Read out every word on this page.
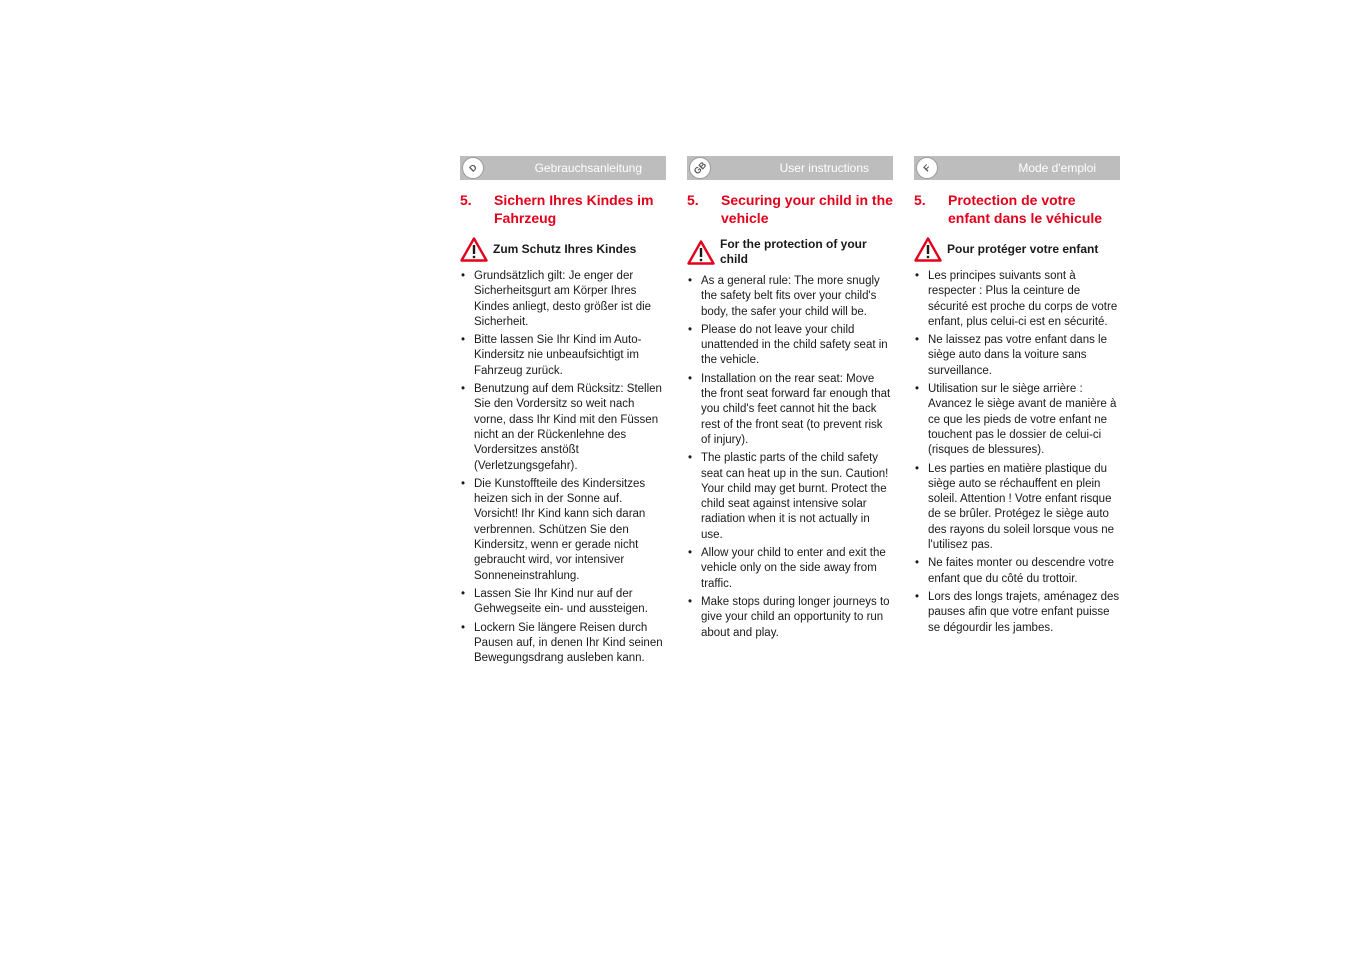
D	Gebrauchsanleitung
5.	Sichern Ihres Kindes im Fahrzeug
Zum Schutz Ihres Kindes
• Grundsätzlich gilt: Je enger der Sicherheitsgurt am Körper Ihres Kindes anliegt, desto größer ist die Sicherheit.
• Bitte lassen Sie Ihr Kind im Auto-Kindersitz nie unbeaufsichtigt im Fahrzeug zurück.
• Benutzung auf dem Rücksitz: Stellen Sie den Vordersitz so weit nach vorne, dass Ihr Kind mit den Füssen nicht an der Rückenlehne des Vordersitzes anstößt (Verletzungsgefahr).
• Die Kunstoffteile des Kindersitzes heizen sich in der Sonne auf. Vorsicht! Ihr Kind kann sich daran verbrennen. Schützen Sie den Kindersitz, wenn er gerade nicht gebraucht wird, vor intensiver Sonneneinstrahlung.
• Lassen Sie Ihr Kind nur auf der Gehwegseite ein- und aussteigen.
• Lockern Sie längere Reisen durch Pausen auf, in denen Ihr Kind seinen Bewegungsdrang ausleben kann.
GB	User instructions
5.	Securing your child in the vehicle
For the protection of your child
• As a general rule: The more snugly the safety belt fits over your child's body, the safer your child will be.
• Please do not leave your child unattended in the child safety seat in the vehicle.
• Installation on the rear seat: Move the front seat forward far enough that you child's feet cannot hit the back rest of the front seat (to prevent risk of injury).
• The plastic parts of the child safety seat can heat up in the sun. Caution! Your child may get burnt. Protect the child seat against intensive solar radiation when it is not actually in use.
• Allow your child to enter and exit the vehicle only on the side away from traffic.
• Make stops during longer journeys to give your child an opportunity to run about and play.
F	Mode d'emploi
5.	Protection de votre enfant dans le véhicule
Pour protéger votre enfant
• Les principes suivants sont à respecter : Plus la ceinture de sécurité est proche du corps de votre enfant, plus celui-ci est en sécurité.
• Ne laissez pas votre enfant dans le siège auto dans la voiture sans surveillance.
• Utilisation sur le siège arrière : Avancez le siège avant de manière à ce que les pieds de votre enfant ne touchent pas le dossier de celui-ci (risques de blessures).
• Les parties en matière plastique du siège auto se réchauffent en plein soleil. Attention ! Votre enfant risque de se brûler. Protégez le siège auto des rayons du soleil lorsque vous ne l'utilisez pas.
• Ne faites monter ou descendre votre enfant que du côté du trottoir.
• Lors des longs trajets, aménagez des pauses afin que votre enfant puisse se dégourdir les jambes.
